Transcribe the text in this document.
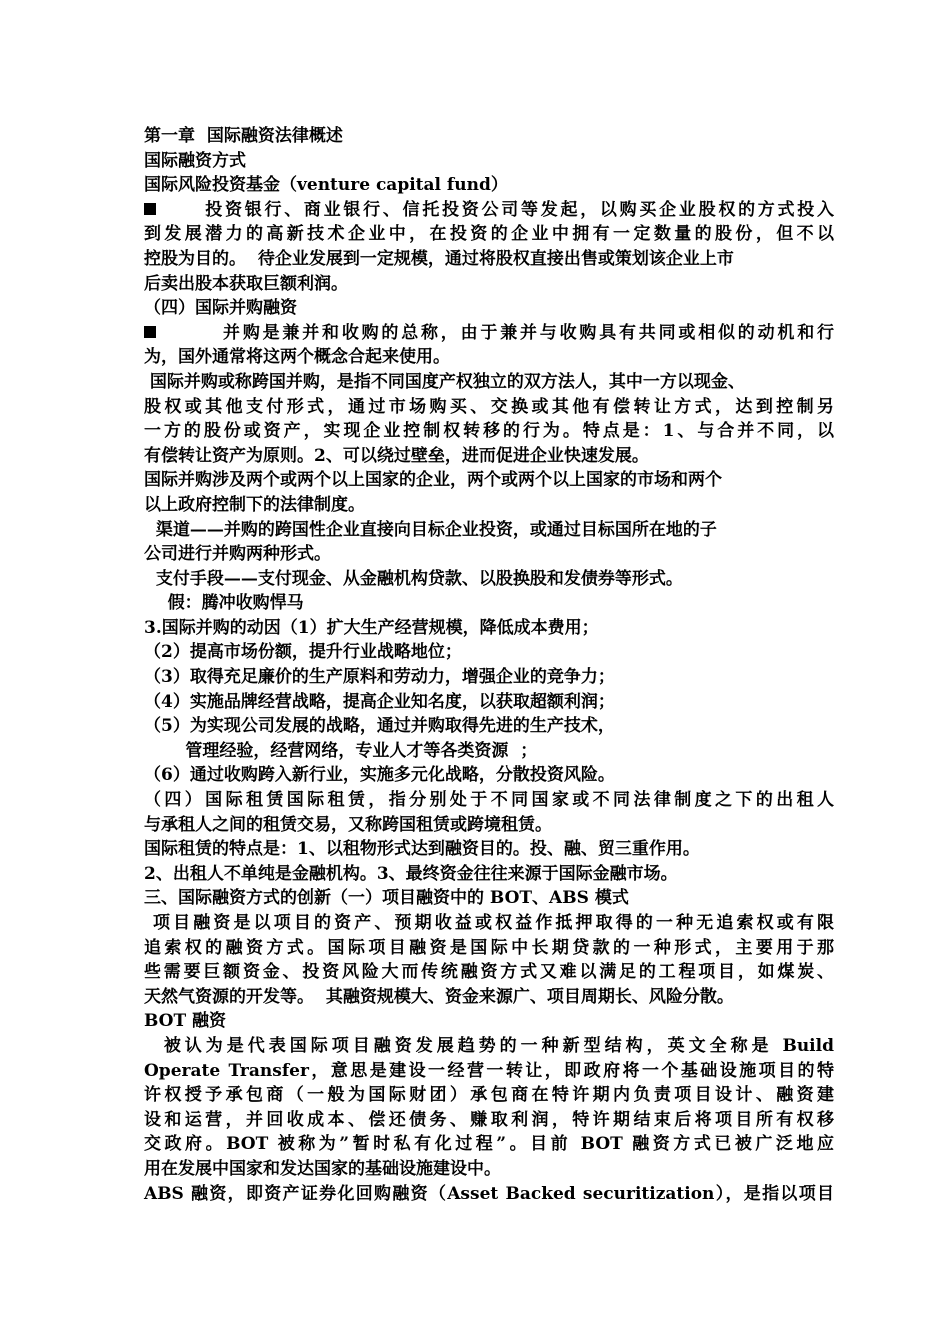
第一章  国际融资法律概述
国际融资方式
国际风险投资基金（venture capital fund）
投资银行、商业银行、信托投资公司等发起，以购买企业股权的方式投入
到发展潜力的高新技术企业中，在投资的企业中拥有一定数量的股份，但不以
控股为目的。  待企业发展到一定规模，通过将股权直接出售或策划该企业上市
后卖出股本获取巨额利润。
（四）国际并购融资
并购是兼并和收购的总称，由于兼并与收购具有共同或相似的动机和行
为，国外通常将这两个概念合起来使用。
国际并购或称跨国并购，是指不同国度产权独立的双方法人，其中一方以现金、
股权或其他支付形式，通过市场购买、交换或其他有偿转让方式，达到控制另
一方的股份或资产，实现企业控制权转移的行为。特点是：1、与合并不同，以
有偿转让资产为原则。2、可以绕过壁垒，进而促进企业快速发展。
国际并购涉及两个或两个以上国家的企业，两个或两个以上国家的市场和两个
以上政府控制下的法律制度。
渠道——并购的跨国性企业直接向目标企业投资，或通过目标国所在地的子
公司进行并购两种形式。
支付手段——支付现金、从金融机构贷款、以股换股和发债券等形式。
假：腾冲收购悍马
3.国际并购的动因（1）扩大生产经营规模，降低成本费用；
（2）提高市场份额，提升行业战略地位；
（3）取得充足廉价的生产原料和劳动力，增强企业的竞争力；
（4）实施品牌经营战略，提高企业知名度，以获取超额利润；
（5）为实现公司发展的战略，通过并购取得先进的生产技术，
管理经验，经营网络，专业人才等各类资源  ；
（6）通过收购跨入新行业，实施多元化战略，分散投资风险。
（四）国际租赁国际租赁，指分别处于不同国家或不同法律制度之下的出租人
与承租人之间的租赁交易，又称跨国租赁或跨境租赁。
国际租赁的特点是：1、以租物形式达到融资目的。投、融、贸三重作用。
2、出租人不单纯是金融机构。3、最终资金往往来源于国际金融市场。
三、国际融资方式的创新（一）项目融资中的 BOT、ABS 模式
项目融资是以项目的资产、预期收益或权益作抵押取得的一种无追索权或有限
追索权的融资方式。国际项目融资是国际中长期贷款的一种形式，主要用于那
些需要巨额资金、投资风险大而传统融资方式又难以满足的工程项目，如煤炭、
天然气资源的开发等。  其融资规模大、资金来源广、项目周期长、风险分散。
BOT 融资
被认为是代表国际项目融资发展趋势的一种新型结构，英文全称是 Build
Operate Transfer，意思是建设一经营一转让，即政府将一个基础设施项目的特
许权授予承包商（一般为国际财团）承包商在特许期内负责项目设计、融资建
设和运营，并回收成本、偿还债务、赚取利润，特许期结束后将项目所有权移
交政府。BOT 被称为”暂时私有化过程”。目前 BOT 融资方式已被广泛地应
用在发展中国家和发达国家的基础设施建设中。
ABS 融资，即资产证券化回购融资（Asset Backed securitization），是指以项目
